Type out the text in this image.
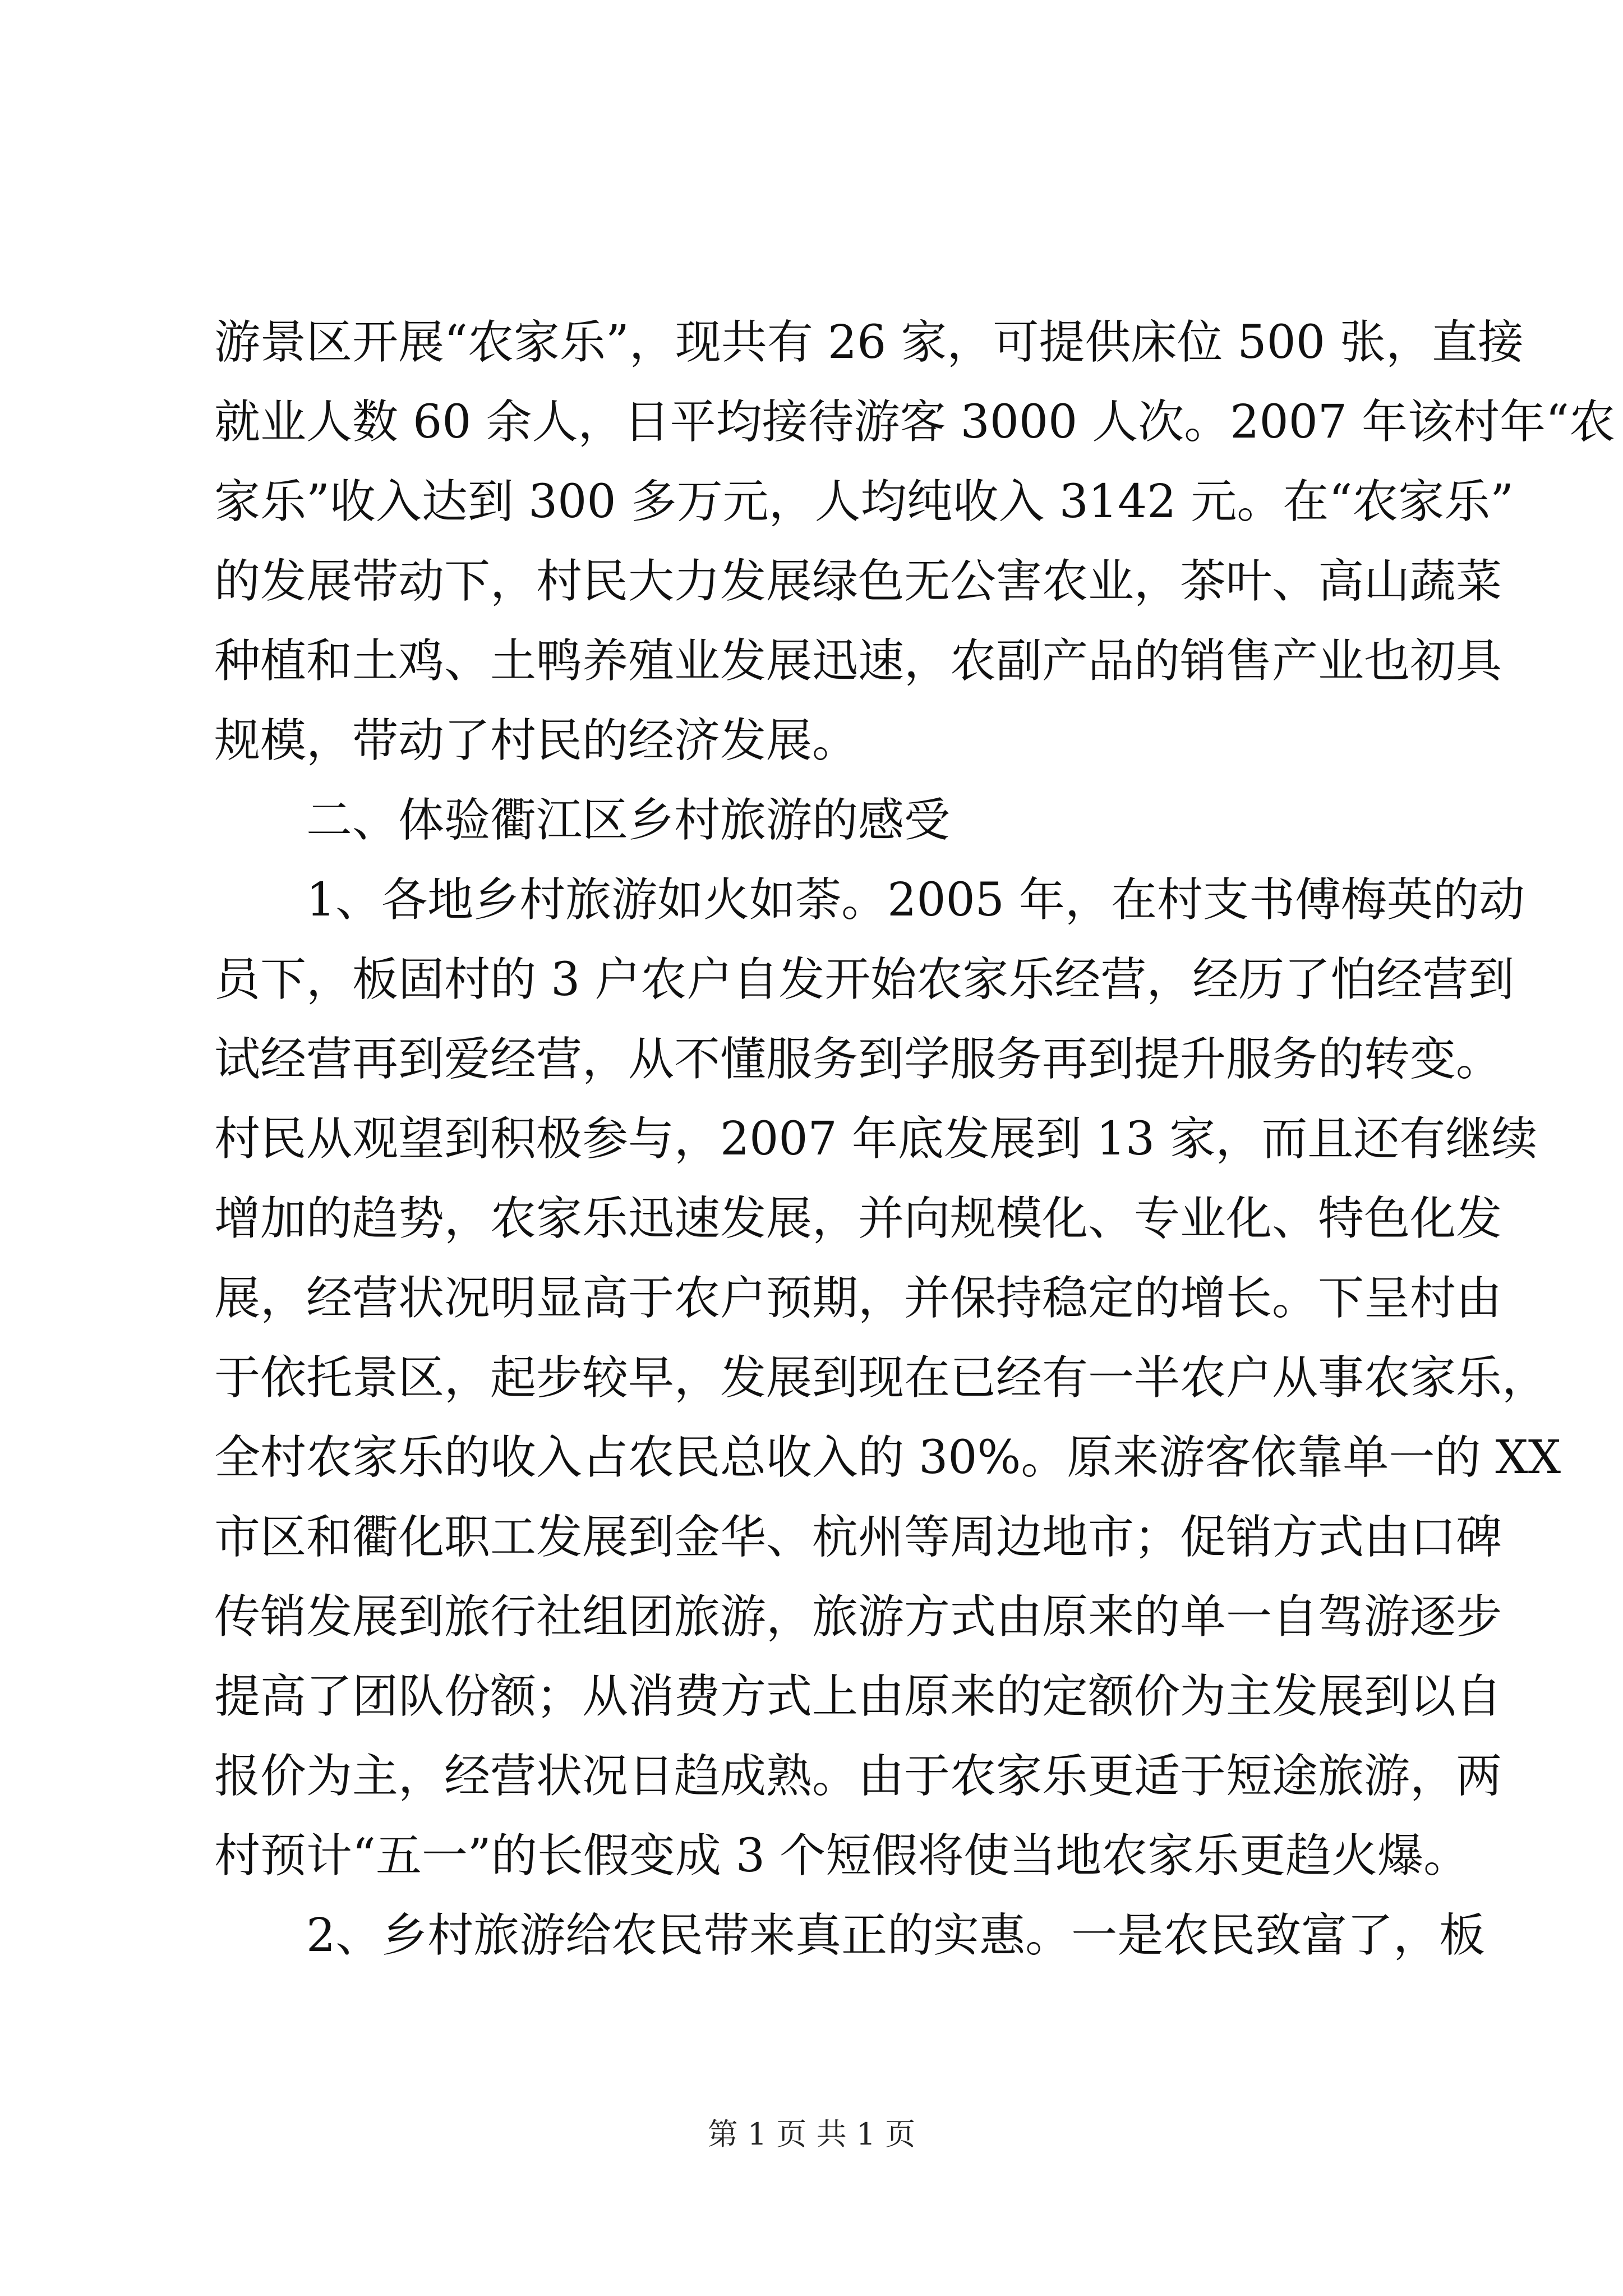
游景区开展“农家乐”，现共有 26 家，可提供床位 500 张，直接
就业人数 60 余人，日平均接待游客 3000 人次。2007 年该村年“农
家乐”收入达到 300 多万元，人均纯收入 3142 元。在“农家乐”
的发展带动下，村民大力发展绿色无公害农业，茶叶、高山蔬菜
种植和土鸡、土鸭养殖业发展迅速，农副产品的销售产业也初具
规模，带动了村民的经济发展。
二、体验衢江区乡村旅游的感受
1、各地乡村旅游如火如荼。2005 年，在村支书傅梅英的动
员下，板固村的 3 户农户自发开始农家乐经营，经历了怕经营到
试经营再到爱经营，从不懂服务到学服务再到提升服务的转变。
村民从观望到积极参与，2007 年底发展到 13 家，而且还有继续
增加的趋势，农家乐迅速发展，并向规模化、专业化、特色化发
展，经营状况明显高于农户预期，并保持稳定的增长。下呈村由
于依托景区，起步较早，发展到现在已经有一半农户从事农家乐，
全村农家乐的收入占农民总收入的 30%。原来游客依靠单一的 XX
市区和衢化职工发展到金华、杭州等周边地市；促销方式由口碑
传销发展到旅行社组团旅游，旅游方式由原来的单一自驾游逐步
提高了团队份额；从消费方式上由原来的定额价为主发展到以自
报价为主，经营状况日趋成熟。由于农家乐更适于短途旅游，两
村预计“五一”的长假变成 3 个短假将使当地农家乐更趋火爆。
2、乡村旅游给农民带来真正的实惠。一是农民致富了，板
第 1 页 共 1 页
